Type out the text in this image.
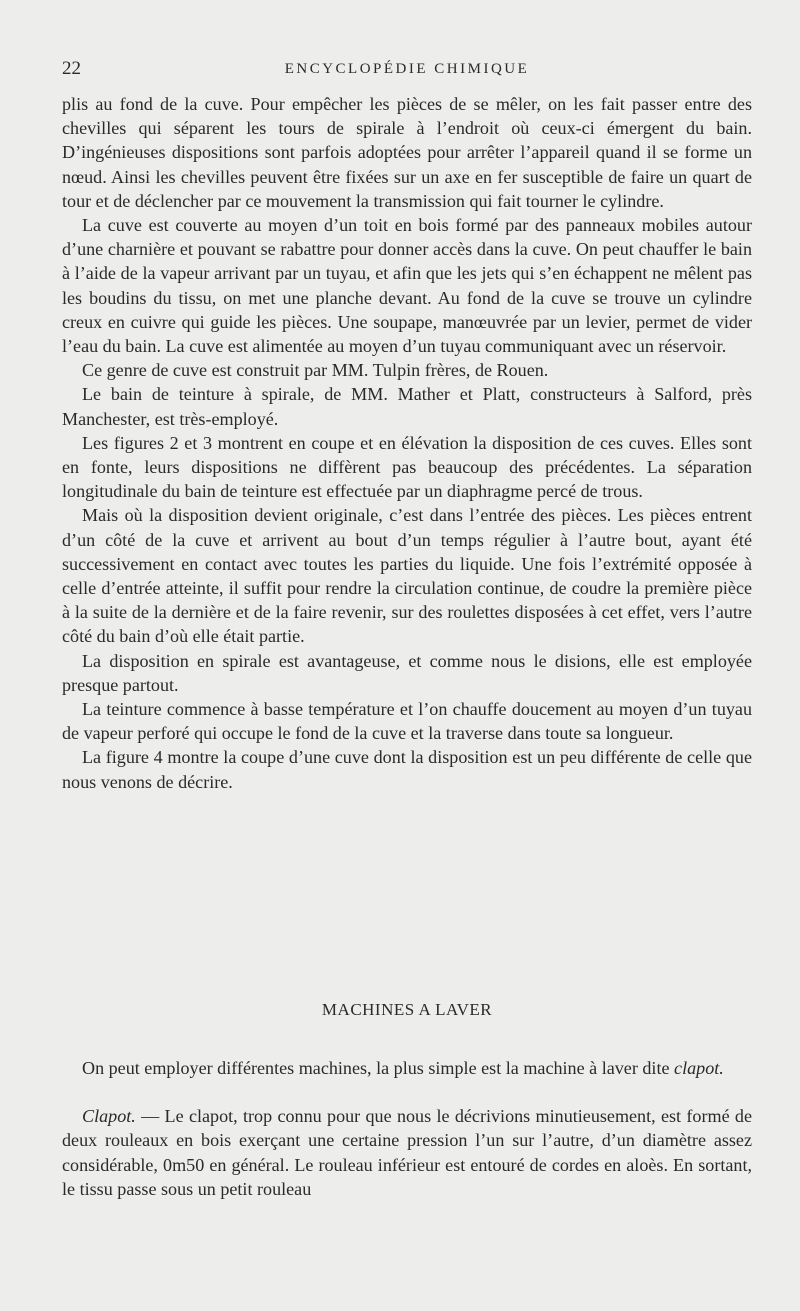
22	ENCYCLOPÉDIE CHIMIQUE

plis au fond de la cuve. Pour empêcher les pièces de se mêler, on les fait passer entre des chevilles qui séparent les tours de spirale à l’endroit où ceux-ci émergent du bain. D’ingénieuses dispositions sont parfois adoptées pour arrêter l’appareil quand il se forme un nœud. Ainsi les chevilles peuvent être fixées sur un axe en fer susceptible de faire un quart de tour et de déclencher par ce mouvement la transmission qui fait tourner le cylindre.

La cuve est couverte au moyen d’un toit en bois formé par des panneaux mobiles autour d’une charnière et pouvant se rabattre pour donner accès dans la cuve. On peut chauffer le bain à l’aide de la vapeur arrivant par un tuyau, et afin que les jets qui s’en échappent ne mêlent pas les boudins du tissu, on met une planche devant. Au fond de la cuve se trouve un cylindre creux en cuivre qui guide les pièces. Une soupape, manœuvrée par un levier, permet de vider l’eau du bain. La cuve est alimentée au moyen d’un tuyau communiquant avec un réservoir.

Ce genre de cuve est construit par MM. Tulpin frères, de Rouen.

Le bain de teinture à spirale, de MM. Mather et Platt, constructeurs à Salford, près Manchester, est très-employé.

Les figures 2 et 3 montrent en coupe et en élévation la disposition de ces cuves. Elles sont en fonte, leurs dispositions ne diffèrent pas beaucoup des précédentes. La séparation longitudinale du bain de teinture est effectuée par un diaphragme percé de trous.

Mais où la disposition devient originale, c’est dans l’entrée des pièces. Les pièces entrent d’un côté de la cuve et arrivent au bout d’un temps régulier à l’autre bout, ayant été successivement en contact avec toutes les parties du liquide. Une fois l’extrémité opposée à celle d’entrée atteinte, il suffit pour rendre la circulation continue, de coudre la première pièce à la suite de la dernière et de la faire revenir, sur des roulettes disposées à cet effet, vers l’autre côté du bain d’où elle était partie.

La disposition en spirale est avantageuse, et comme nous le disions, elle est employée presque partout.

La teinture commence à basse température et l’on chauffe doucement au moyen d’un tuyau de vapeur perforé qui occupe le fond de la cuve et la traverse dans toute sa longueur.

La figure 4 montre la coupe d’une cuve dont la disposition est un peu différente de celle que nous venons de décrire.

MACHINES A LAVER

On peut employer différentes machines, la plus simple est la machine à laver dite clapot.

Clapot. — Le clapot, trop connu pour que nous le décrivions minutieusement, est formé de deux rouleaux en bois exerçant une certaine pression l’un sur l’autre, d’un diamètre assez considérable, 0m50 en général. Le rouleau inférieur est entouré de cordes en aloès. En sortant, le tissu passe sous un petit rouleau
